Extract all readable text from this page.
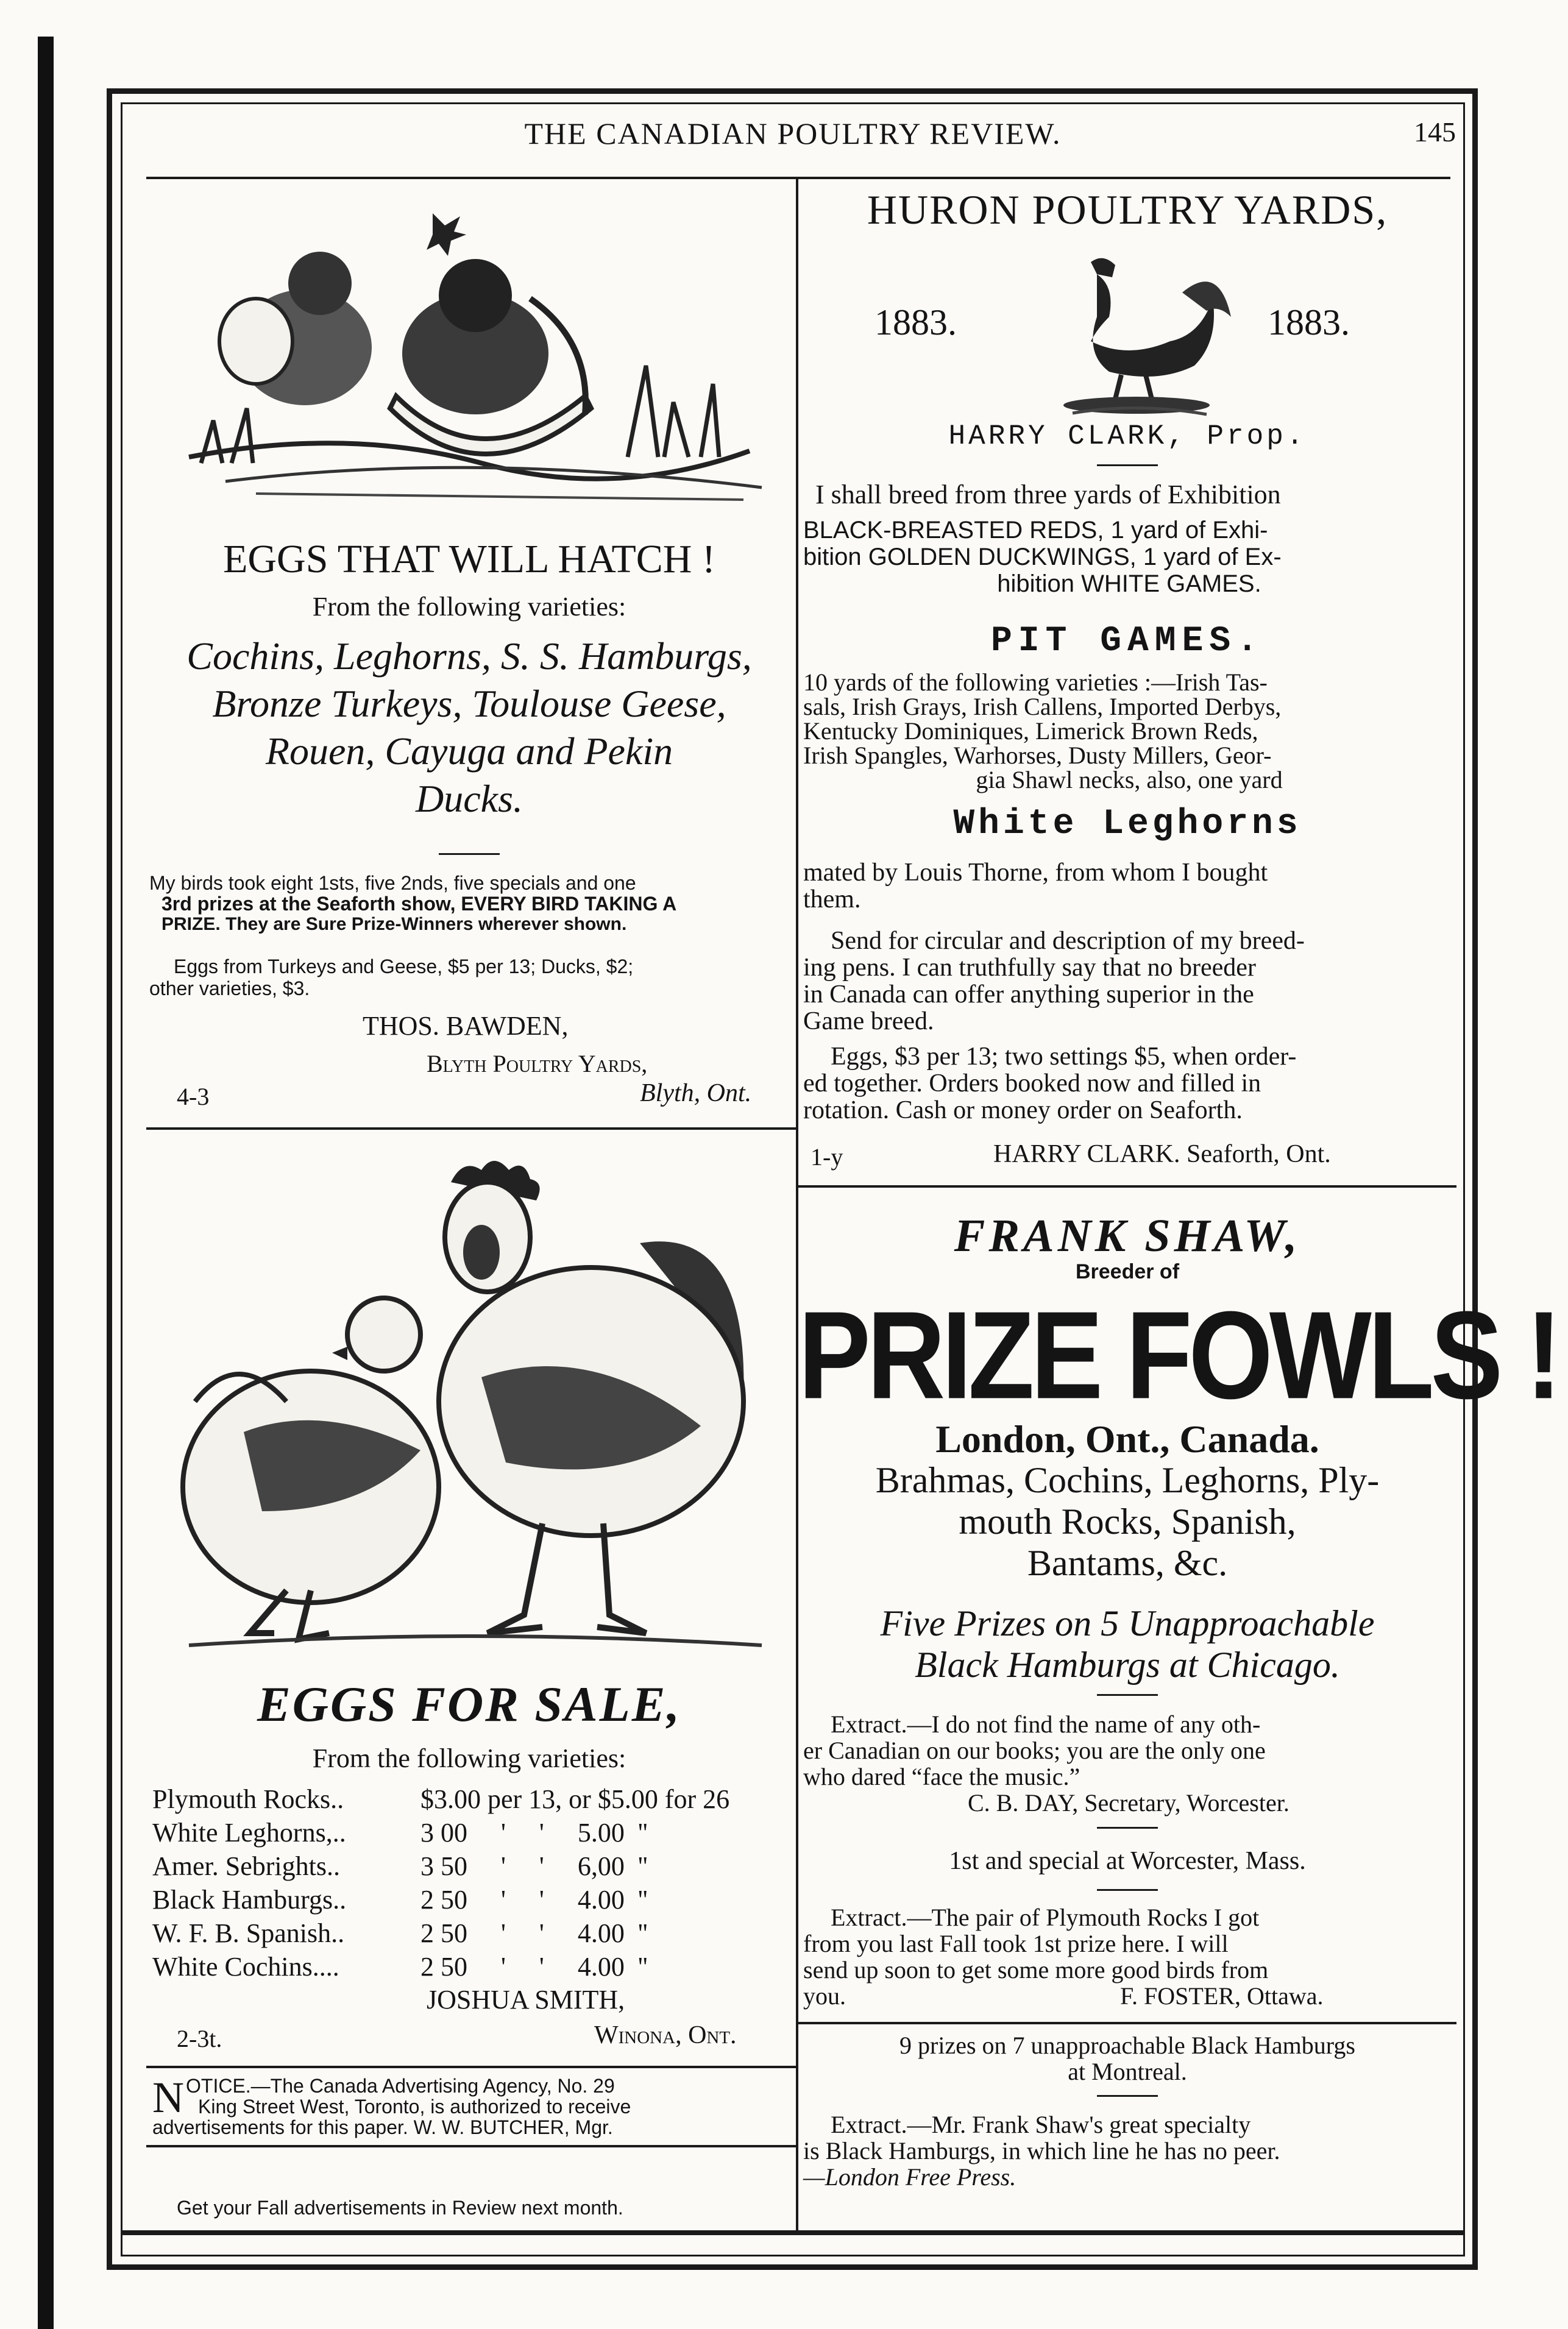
THE CANADIAN POULTRY REVIEW.	145
EGGS THAT WILL HATCH !
From the following varieties:
Cochins, Leghorns, S. S. Hamburgs,
Bronze Turkeys, Toulouse Geese,
Rouen, Cayuga and Pekin
Ducks.
My birds took eight 1sts, five 2nds, five specials and one
3rd prizes at the Seaforth show, EVERY BIRD TAKING A
PRIZE. They are Sure Prize-Winners wherever shown.
Eggs from Turkeys and Geese, $5 per 13; Ducks, $2;
other varieties, $3.
THOS. BAWDEN,
Blyth Poultry Yards,
4-3	Blyth, Ont.
EGGS FOR SALE,
From the following varieties:
Plymouth Rocks..	$3.00 per 13, or $5.00 for 26
White Leghorns,..	3 00     '     '     5.00  ''
Amer. Sebrights..	3 50     '     '     6,00  ''
Black Hamburgs..	2 50     '     '     4.00  ''
W. F. B. Spanish..	2 50     '     '     4.00  ''
White Cochins....	2 50     '     '     4.00  ''
JOSHUA SMITH,
2-3t.	Winona, Ont.
N OTICE.—The Canada Advertising Agency, No. 29
King Street West, Toronto, is authorized to receive
advertisements for this paper. W. W. BUTCHER, Mgr.
Get your Fall advertisements in Review next month.
HURON POULTRY YARDS,
1883.	1883.
HARRY CLARK, Prop.
I shall breed from three yards of Exhibition
BLACK-BREASTED REDS, 1 yard of Exhi-
bition GOLDEN DUCKWINGS, 1 yard of Ex-
hibition WHITE GAMES.
PIT GAMES.
10 yards of the following varieties :—Irish Tas-
sals, Irish Grays, Irish Callens, Imported Derbys,
Kentucky Dominiques, Limerick Brown Reds,
Irish Spangles, Warhorses, Dusty Millers, Geor-
gia Shawl necks, also, one yard
White Leghorns
mated by Louis Thorne, from whom I bought
them.
Send for circular and description of my breed-
ing pens. I can truthfully say that no breeder
in Canada can offer anything superior in the
Game breed.
Eggs, $3 per 13; two settings $5, when order-
ed together. Orders booked now and filled in
rotation. Cash or money order on Seaforth.
1-y	HARRY CLARK. Seaforth, Ont.
FRANK SHAW,
Breeder of
PRIZE FOWLS !
London, Ont., Canada.
Brahmas, Cochins, Leghorns, Ply-
mouth Rocks, Spanish,
Bantams, &c.
Five Prizes on 5 Unapproachable
Black Hamburgs at Chicago.
Extract.—I do not find the name of any oth-
er Canadian on our books; you are the only one
who dared “face the music.”
C. B. DAY, Secretary, Worcester.
1st and special at Worcester, Mass.
Extract.—The pair of Plymouth Rocks I got
from you last Fall took 1st prize here. I will
send up soon to get some more good birds from
you.	F. FOSTER, Ottawa.
9 prizes on 7 unapproachable Black Hamburgs
at Montreal.
Extract.—Mr. Frank Shaw's great specialty
is Black Hamburgs, in which line he has no peer.
—London Free Press.
